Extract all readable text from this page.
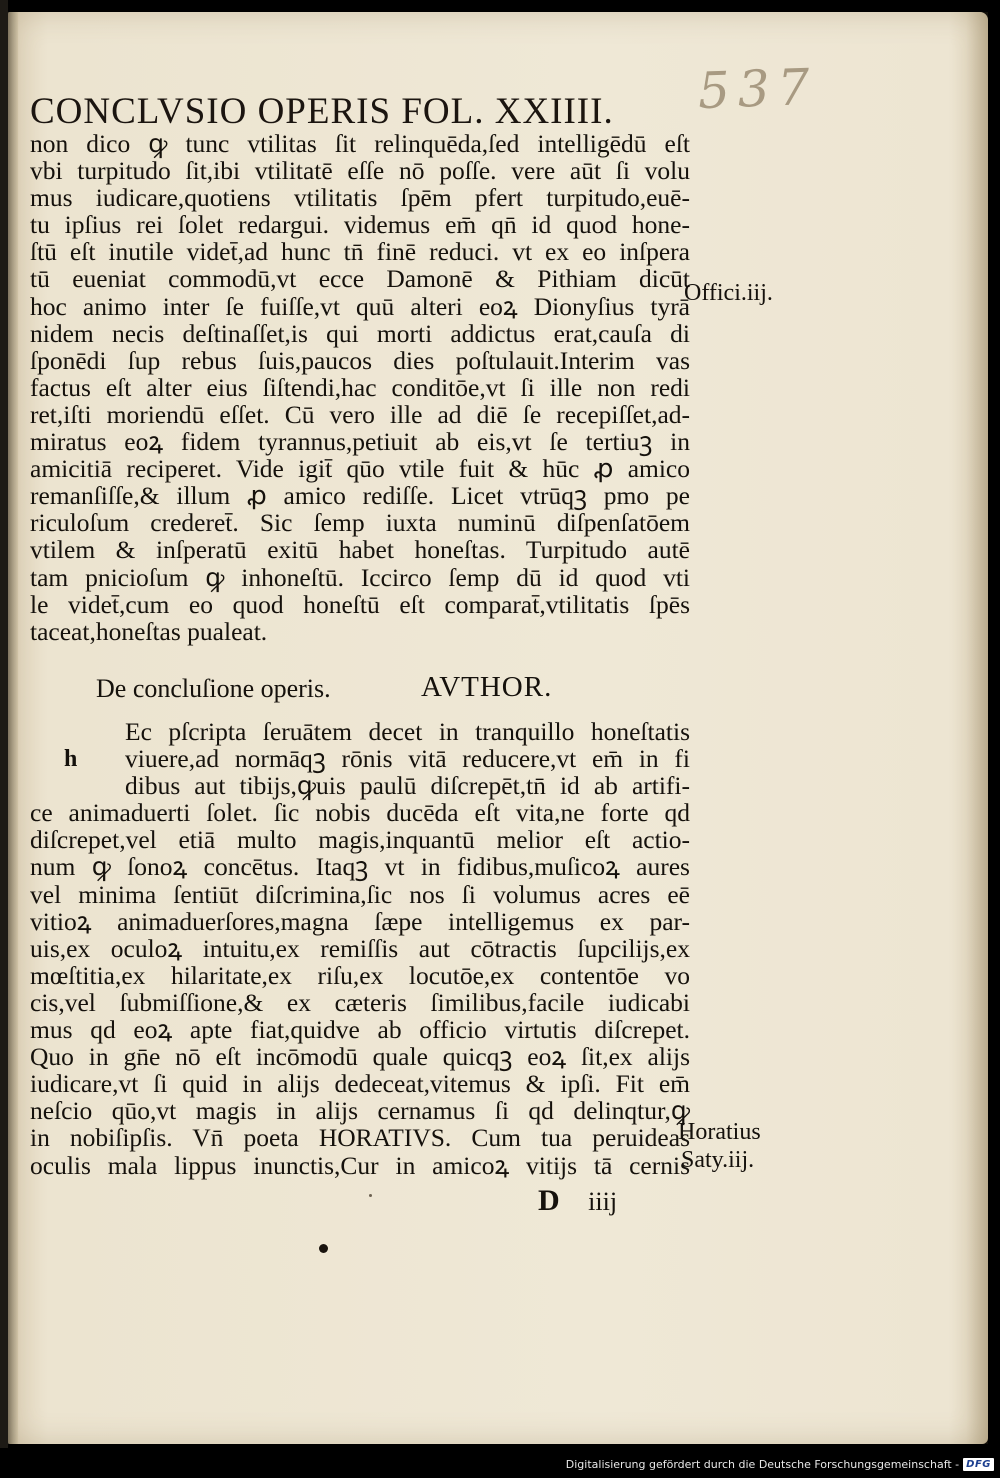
CONCLVSIO OPERIS FOL. XXIIII. 537
non dico ꝙ tunc vtilitas ſit relinquēda,ſed intelligēdū eſt
vbi turpitudo ſit,ibi vtilitatē eſſe nō poſſe. vere aūt ſi volu
mus iudicare,quotiens vtilitatis ſpēm pfert turpitudo,euē-
tu ipſius rei ſolet redargui. videmus em̄ qn̄ id quod hone-
ſtū eſt inutile videt̄,ad hunc tn̄ finē reduci. vt ex eo inſpera
tū eueniat commodū,vt ecce Damonē & Pithiam dicūt
hoc animo inter ſe fuiſſe,vt quū alteri eoꝝ Dionyſius tyrā
nidem necis deſtinaſſet,is qui morti addictus erat,cauſa di
ſponēdi ſup rebus ſuis,paucos dies poſtulauit.Interim vas
factus eſt alter eius ſiſtendi,hac conditōe,vt ſi ille non redi
ret,iſti moriendū eſſet. Cū vero ille ad diē ſe recepiſſet,ad-
miratus eoꝝ fidem tyrannus,petiuit ab eis,vt ſe tertiuꝫ in
amicitiā reciperet. Vide igit̄ qūo vtile fuit & hūc ꝓ amico
remanſiſſe,& illum ꝓ amico rediſſe. Licet vtrūqꝫ pmo pe
riculoſum crederet̄. Sic ſemp iuxta numinū diſpenſatōem
vtilem & inſperatū exitū habet honeſtas. Turpitudo autē
tam pnicioſum ꝙ inhoneſtū. Iccirco ſemp dū id quod vti
le videt̄,cum eo quod honeſtū eſt comparat̄,vtilitatis ſpēs
taceat,honeſtas pualeat.
De concluſione operis.	AVTHOR.
h
Ec pſcripta ſeruātem decet in tranquillo honeſtatis
viuere,ad normāqꝫ rōnis vitā reducere,vt em̄ in fi
dibus aut tibijs,ꝙuis paulū diſcrepēt,tn̄ id ab artifi-
ce animaduerti ſolet. ſic nobis ducēda eſt vita,ne forte qd
diſcrepet,vel etiā multo magis,inquantū melior eſt actio-
num ꝙ ſonoꝝ concētus. Itaqꝫ vt in fidibus,muſicoꝝ aures
vel minima ſentiūt diſcrimina,ſic nos ſi volumus acres eē
vitioꝝ animaduerſores,magna ſæpe intelligemus ex par-
uis,ex oculoꝝ intuitu,ex remiſſis aut cōtractis ſupcilijs,ex
mœſtitia,ex hilaritate,ex riſu,ex locutōe,ex contentōe vo
cis,vel ſubmiſſione,& ex cæteris ſimilibus,facile iudicabi
mus qd eoꝝ apte fiat,quidve ab officio virtutis diſcrepet.
Quo in gn̄e nō eſt incōmodū quale quicqꝫ eoꝝ ſit,ex alijs
iudicare,vt ſi quid in alijs dedeceat,vitemus & ipſi. Fit em̄
neſcio qūo,vt magis in alijs cernamus ſi qd delinqtur,ꝙ
in nobiſipſis. Vn̄ poeta HORATIVS. Cum tua peruideas
oculis mala lippus inunctis,Cur in amicoꝝ vitijs tā cernis
Offici.iij.
Horatius
Saty.iij.
D iiij
Digitalisierung gefördert durch die Deutsche Forschungsgemeinschaft - DFG
